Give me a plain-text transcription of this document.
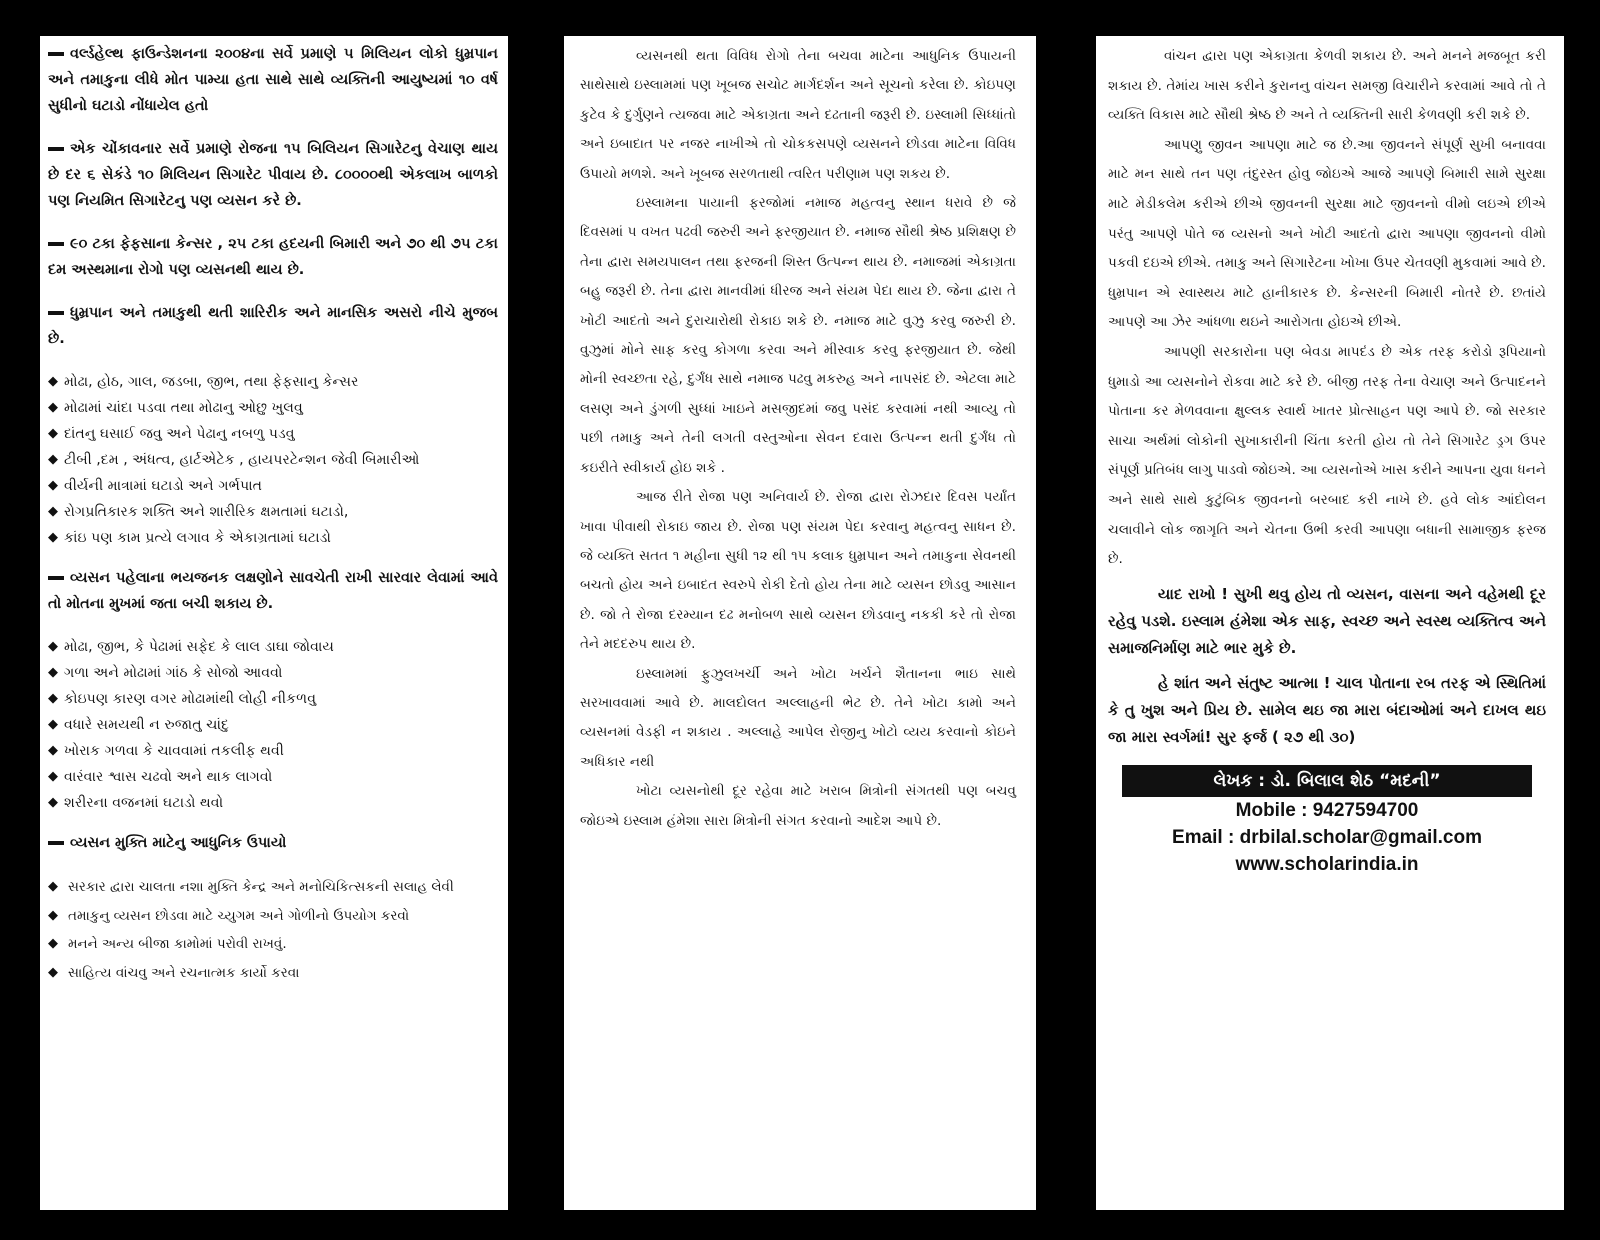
વર્લ્ડહેલ્થ ફાઉન્ડેશનના ૨૦૦૪ના સર્વે પ્રમાણે ૫ મિલિયન લોકો ધુમ્રપાન અને તમાકુના લીધે મોત પામ્યા હતા સાથે સાથે વ્યક્તિની આયુષ્યમાં ૧૦ વર્ષ સુધીનો ઘટાડો નોંધાયેલ હતો

એક ચોંકાવનાર સર્વે પ્રમાણે રોજના ૧૫ બિલિયન સિગારેટનુ વેચાણ થાય છે દર ૬ સેકંડે ૧૦ મિલિયન સિગારેટ પીવાય છે. ૮૦૦૦૦થી એકલાખ બાળકો પણ નિયમિત સિગારેટનુ પણ વ્યસન કરે છે.

૯૦ ટકા ફેફસાના કેન્સર , ૨૫ ટકા હદયની બિમારી અને ૭૦ થી ૭૫ ટકા દમ અસ્થમાના રોગો પણ વ્યસનથી થાય છે.

ધુમ્રપાન અને તમાકુથી થતી શારિરીક અને માનસિક અસરો નીચે મુજબ છે.

◆ મોઢા, હોઠ, ગાલ, જડબા, જીભ, તથા ફેફસાનુ કેન્સર
◆ મોઢામાં ચાંદા પડવા તથા મોઢાનુ ઓછુ ખુલવુ
◆ દાંતનુ ઘસાઈ જવુ અને પેઢાનુ નબળુ પડવુ
◆ ટીબી ,દમ , અંધત્વ, હાર્ટએટેક , હાયપરટેન્શન જેવી બિમારીઓ
◆ વીર્યની માત્રામાં ઘટાડો અને ગર્ભપાત
◆ રોગપ્રતિકારક શક્તિ અને શારીરિક ક્ષમતામાં ઘટાડો,
◆ કાંઇ પણ કામ પ્રત્યે લગાવ કે એકાગ્રતામાં ઘટાડો

વ્યસન પહેલાના ભયજનક લક્ષણોને સાવચેતી રાખી સારવાર લેવામાં આવે તો મોતના મુખમાં જતા બચી શકાય છે.

◆ મોઢા, જીભ, કે પેઢામાં સફેદ કે લાલ ડાઘા જોવાય
◆ ગળા અને મોઢામાં ગાંઠ કે સોજો આવવો
◆ કોઇપણ કારણ વગર મોઢામાંથી લોહી નીકળવુ
◆ વધારે સમયથી ન રુજાતુ ચાંદુ
◆ ખોરાક ગળવા કે ચાવવામાં તકલીફ થવી
◆ વારંવાર શ્વાસ ચઢવો અને થાક લાગવો
◆ શરીરના વજનમાં ઘટાડો થવો

વ્યસન મુક્તિ માટેનુ આધુનિક ઉપાયો

◆ સરકાર દ્વારા ચાલતા નશા મુક્તિ કેન્દ્ર અને મનોચિકિત્સકની સલાહ લેવી
◆ તમાકુનુ વ્યસન છોડવા માટે ચ્યુગમ અને ગોળીનો ઉપયોગ કરવો
◆ મનને અન્ય બીજા કામોમાં પરોવી રાખવું.
◆ સાહિત્ય વાંચવુ અને રચનાત્મક કાર્યો કરવા

વ્યસનથી થતા વિવિધ રોગો તેના બચવા માટેના આધુનિક ઉપાયની સાથેસાથે ઇસ્લામમાં પણ ખૂબજ સચોટ માર્ગદર્શન અને સૂચનો કરેલા છે. કોઇપણ કુટેવ કે દુર્ગુણને ત્યજવા માટે એકાગ્રતા અને દઢતાની જરૂરી છે. ઇસ્લામી સિધ્ધાંતો અને ઇબાદાત પર નજર નાખીએ તો ચોકકસપણે વ્યસનને છોડવા માટેના વિવિધ ઉપાયો મળશે. અને ખૂબજ સરળતાથી ત્વરિત પરીણામ પણ શકય છે.

ઇસ્લામના પાયાની ફરજોમાં નમાજ મહત્વનુ સ્થાન ધરાવે છે જે દિવસમાં ૫ વખત પઢવી જરુરી અને ફરજીયાત છે. નમાજ સૌથી શ્રેષ્ઠ પ્રશિક્ષણ છે તેના દ્વારા સમયપાલન તથા ફરજની શિસ્ત ઉત્પન્ન થાય છે. નમાજમાં એકાગ્રતા બહુ જરૂરી છે. તેના દ્વારા માનવીમાં ધીરજ અને સંયમ પેદા થાય છે. જેના દ્વારા તે ખોટી આદતો અને દુરાચારોથી રોકાઇ શકે છે. નમાજ માટે વુઝુ કરવુ જરુરી છે. વુઝુમાં મોને સાફ કરવુ કોગળા કરવા અને મીસ્વાક કરવુ ફરજીયાત છે. જેથી મોની સ્વચ્છતા રહે, દુર્ગંધ સાથે નમાજ પઢવુ મકરુહ અને નાપસંદ છે. એટલા માટે લસણ અને ડુંગળી સુધ્ધાં ખાઇને મસજીદમાં જવુ પસંદ કરવામાં નથી આવ્યુ તો પછી તમાકુ અને તેની લગતી વસ્તુઓના સેવન દવારા ઉત્પન્ન થતી દુર્ગંધ તો કઇરીતે સ્વીકાર્ય હોઇ શકે .

આજ રીતે રોજા પણ અનિવાર્ય છે. રોજા દ્વારા રોઝદાર દિવસ પર્યાંત ખાવા પીવાથી રોકાઇ જાય છે. રોજા પણ સંયમ પેદા કરવાનુ મહત્વનુ સાધન છે. જે વ્યક્તિ સતત ૧ મહીના સુધી ૧૨ થી ૧૫ કલાક ધુમ્રપાન અને તમાકુના સેવનથી બચતો હોય અને ઇબાદત સ્વરુપે રોકી દેતો હોય તેના માટે વ્યસન છોડવુ આસાન છે. જો તે રોજા દરમ્યાન દઢ મનોબળ સાથે વ્યસન છોડવાનુ નકકી કરે તો રોજા તેને મદદરુપ થાય છે.

ઇસ્લામમાં ફુઝુલખર્ચી અને ખોટા ખર્ચને શૈતાનના ભાઇ સાથે સરખાવવામાં આવે છે. માલદોલત અલ્લાહની ભેટ છે. તેને ખોટા કામો અને વ્યસનમાં વેડફી ન શકાય . અલ્લાહે આપેલ રોજીનુ ખોટો વ્યય કરવાનો કોઇને અધિકાર નથી

ખોટા વ્યસનોથી દૂર રહેવા માટે ખરાબ મિત્રોની સંગતથી પણ બચવુ જોઇએ ઇસ્લામ હંમેશા સારા મિત્રોની સંગત કરવાનો આદેશ આપે છે.

વાંચન દ્વારા પણ એકાગ્રતા કેળવી શકાય છે. અને મનને મજબૂત કરી શકાય છે. તેમાંય ખાસ કરીને કુરાનનુ વાંચન સમજી વિચારીને કરવામાં આવે તો તે વ્યક્તિ વિકાસ માટે સૌથી શ્રેષ્ઠ છે અને તે વ્યક્તિની સારી કેળવણી કરી શકે છે.

આપણુ જીવન આપણા માટે જ છે.આ જીવનને સંપૂર્ણ સુખી બનાવવા માટે મન સાથે તન પણ તંદુરસ્ત હોવુ જોઇએ આજે આપણે બિમારી સામે સુરક્ષા માટે મેડીકલેમ કરીએ છીએ જીવનની સુરક્ષા માટે જીવનનો વીમો લઇએ છીએ પરંતુ આપણે પોતે જ વ્યસનો અને ખોટી આદતો દ્વારા આપણા જીવનનો વીમો પકવી દઇએ છીએ. તમાકુ અને સિગારેટના ખોખા ઉપર ચેતવણી મુકવામાં આવે છે. ધુમ્રપાન એ સ્વાસ્થય માટે હાનીકારક છે. કેન્સરની બિમારી નોતરે છે. છતાંયે આપણે આ ઝેર આંધળા થઇને આરોગતા હોઇએ છીએ.

આપણી સરકારોના પણ બેવડા માપદંડ છે એક તરફ કરોડો રૂપિયાનો ધુમાડો આ વ્યસનોને રોકવા માટે કરે છે. બીજી તરફ તેના વેચાણ અને ઉત્પાદનને પોતાના કર મેળવવાના ક્ષુલ્લક સ્વાર્થ ખાતર પ્રોત્સાહન પણ આપે છે. જો સરકાર સાચા અર્થમાં લોકોની સુખાકારીની ચિંતા કરતી હોય તો તેને સિગારેટ ડ્રગ ઉપર સંપૂર્ણ પ્રતિબંધ લાગુ પાડવો જોઇએ. આ વ્યસનોએ ખાસ કરીને આપના યુવા ધનને અને સાથે સાથે કુટુંબિક જીવનનો બરબાદ કરી નાખે છે. હવે લોક આંદોલન ચલાવીને લોક જાગૃતિ અને ચેતના ઉભી કરવી આપણા બધાની સામાજીક ફરજ છે.

યાદ રાખો ! સુખી થવુ હોય તો વ્યસન, વાસના અને વહેમથી દૂર રહેવુ પડશે. ઇસ્લામ હંમેશા એક સાફ, સ્વચ્છ અને સ્વસ્થ વ્યક્તિત્વ અને સમાજનિર્માણ માટે ભાર મુકે છે.

હે શાંત અને સંતુષ્ટ આત્મા ! ચાલ પોતાના રબ તરફ એ સ્થિતિમાં કે તુ ખુશ અને પ્રિય છે. સામેલ થઇ જા મારા બંદાઓમાં અને દાખલ થઇ જા મારા સ્વર્ગમાં! સુર ફર્જ ( ૨૭ થી ૩૦)

લેખક : ડો. બિલાલ શેઠ “મદની”
Mobile : 9427594700
Email : drbilal.scholar@gmail.com
www.scholarindia.in
